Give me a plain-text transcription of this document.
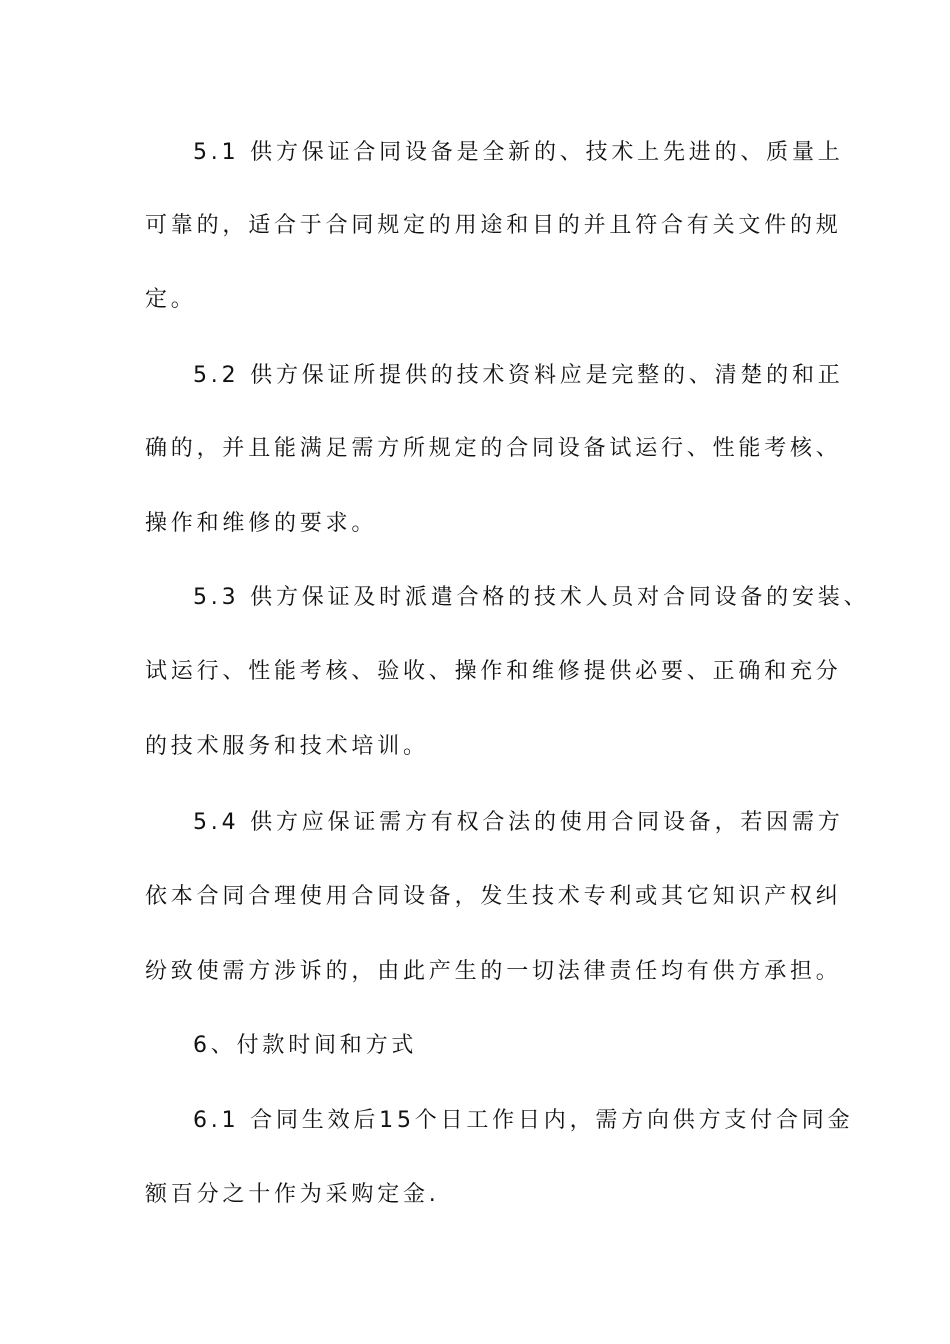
5.1 供方保证合同设备是全新的、技术上先进的、质量上
可靠的，适合于合同规定的用途和目的并且符合有关文件的规
定。
5.2 供方保证所提供的技术资料应是完整的、清楚的和正
确的，并且能满足需方所规定的合同设备试运行、性能考核、
操作和维修的要求。
5.3 供方保证及时派遣合格的技术人员对合同设备的安装、
试运行、性能考核、验收、操作和维修提供必要、正确和充分
的技术服务和技术培训。
5.4 供方应保证需方有权合法的使用合同设备，若因需方
依本合同合理使用合同设备，发生技术专利或其它知识产权纠
纷致使需方涉诉的，由此产生的一切法律责任均有供方承担。
6、付款时间和方式
6.1 合同生效后15个日工作日内，需方向供方支付合同金
额百分之十作为采购定金.
